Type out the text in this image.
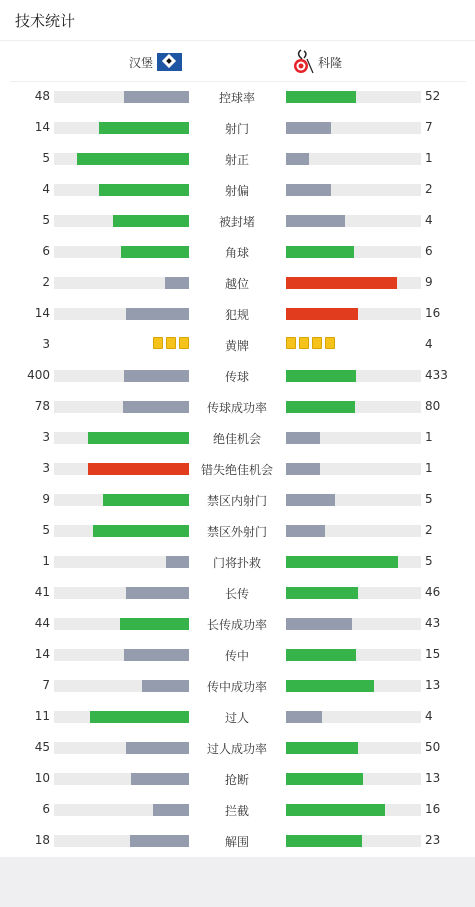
技术统计
汉堡	科隆
48	控球率	52
14	射门	7
5	射正	1
4	射偏	2
5	被封堵	4
6	角球	6
2	越位	9
14	犯规	16
3	黄牌	4
400	传球	433
78	传球成功率	80
3	绝佳机会	1
3	错失绝佳机会	1
9	禁区内射门	5
5	禁区外射门	2
1	门将扑救	5
41	长传	46
44	长传成功率	43
14	传中	15
7	传中成功率	13
11	过人	4
45	过人成功率	50
10	抢断	13
6	拦截	16
18	解围	23
